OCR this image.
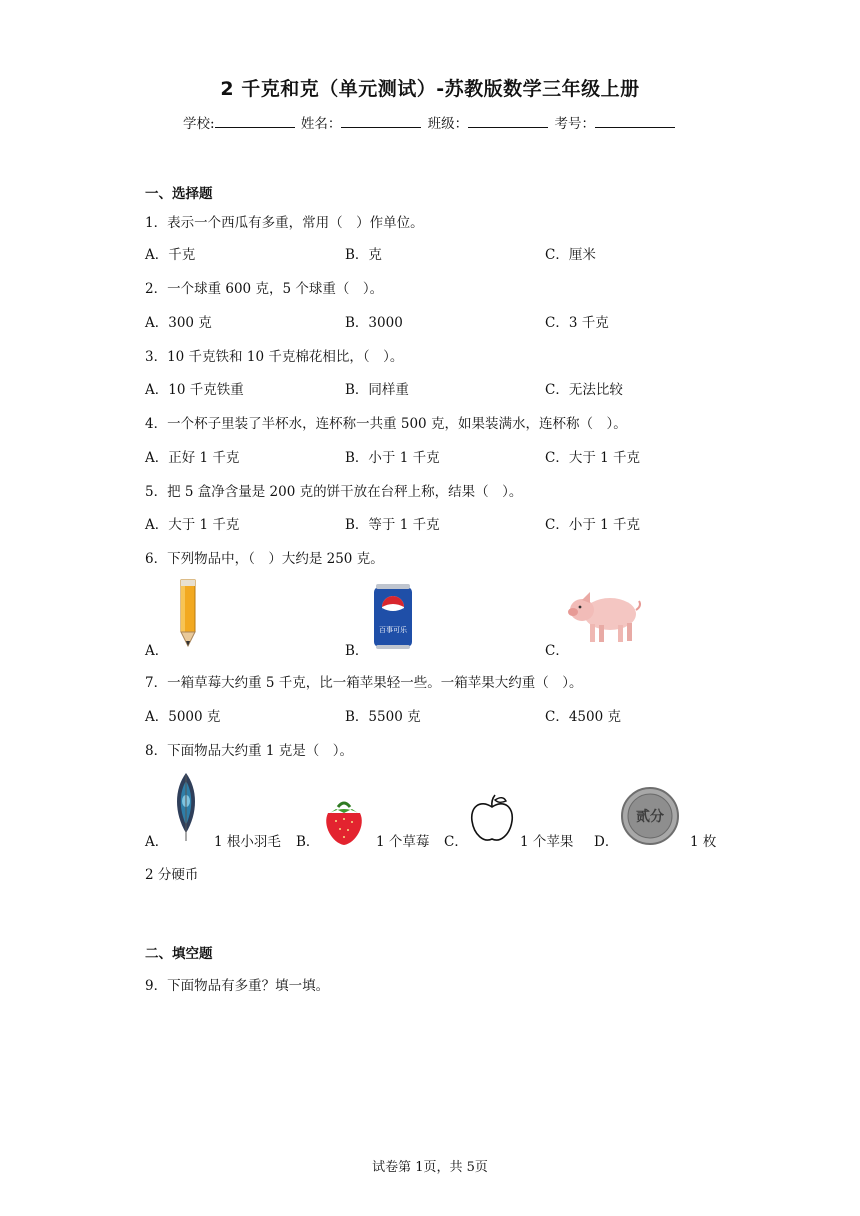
2 千克和克（单元测试）-苏教版数学三年级上册
学校:	姓名：	班级：	考号：
一、选择题
1．表示一个西瓜有多重，常用（　）作单位。
A．千克	B．克	C．厘米
2．一个球重 600 克，5 个球重（　）。
A．300 克	B．3000	C．3 千克
3．10 千克铁和 10 千克棉花相比，（　）。
A．10 千克铁重	B．同样重	C．无法比较
4．一个杯子里装了半杯水，连杯称一共重 500 克，如果装满水，连杯称（　）。
A．正好 1 千克	B．小于 1 千克	C．大于 1 千克
5．把 5 盒净含量是 200 克的饼干放在台秤上称，结果（　）。
A．大于 1 千克	B．等于 1 千克	C．小于 1 千克
6．下列物品中，（　）大约是 250 克。
A．	B．
百事可乐
C．
7．一箱草莓大约重 5 千克，比一箱苹果轻一些。一箱苹果大约重（　）。
A．5000 克	B．5500 克	C．4500 克
8．下面物品大约重 1 克是（　）。
A．	1 根小羽毛 B．	1 个草莓 C．	1 个苹果 D．
贰分
1 枚
2 分硬币
二、填空题
9．下面物品有多重？填一填。
试卷第 1页，共 5页
